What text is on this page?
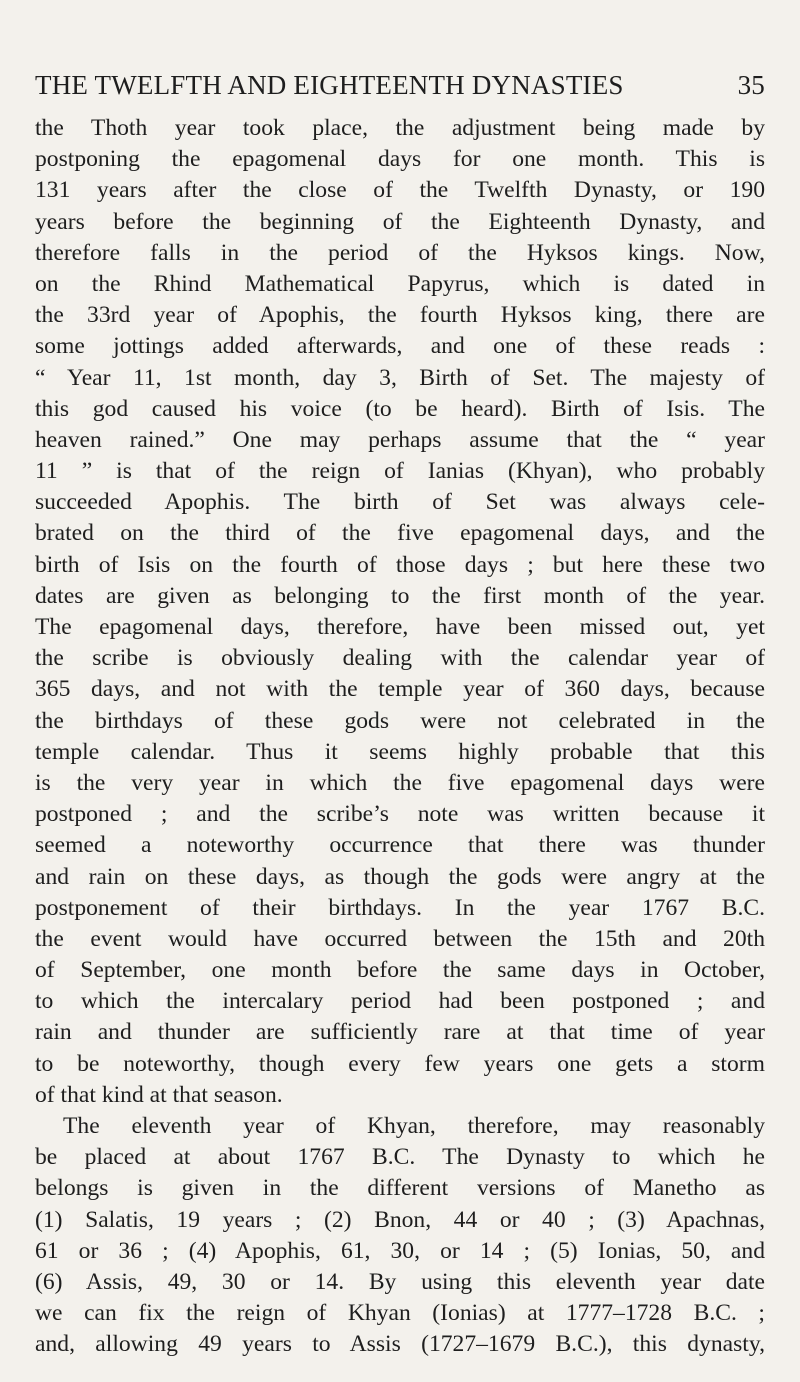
THE TWELFTH AND EIGHTEENTH DYNASTIES	35
the Thoth year took place, the adjustment being made by
postponing the epagomenal days for one month. This is
131 years after the close of the Twelfth Dynasty, or 190
years before the beginning of the Eighteenth Dynasty, and
therefore falls in the period of the Hyksos kings. Now,
on the Rhind Mathematical Papyrus, which is dated in
the 33rd year of Apophis, the fourth Hyksos king, there are
some jottings added afterwards, and one of these reads :
“ Year 11, 1st month, day 3, Birth of Set. The majesty of
this god caused his voice (to be heard). Birth of Isis. The
heaven rained.” One may perhaps assume that the “ year
11 ” is that of the reign of Ianias (Khyan), who probably
succeeded Apophis. The birth of Set was always cele-
brated on the third of the five epagomenal days, and the
birth of Isis on the fourth of those days ; but here these two
dates are given as belonging to the first month of the year.
The epagomenal days, therefore, have been missed out, yet
the scribe is obviously dealing with the calendar year of
365 days, and not with the temple year of 360 days, because
the birthdays of these gods were not celebrated in the
temple calendar. Thus it seems highly probable that this
is the very year in which the five epagomenal days were
postponed ; and the scribe’s note was written because it
seemed a noteworthy occurrence that there was thunder
and rain on these days, as though the gods were angry at the
postponement of their birthdays. In the year 1767 B.C.
the event would have occurred between the 15th and 20th
of September, one month before the same days in October,
to which the intercalary period had been postponed ; and
rain and thunder are sufficiently rare at that time of year
to be noteworthy, though every few years one gets a storm
of that kind at that season.
The eleventh year of Khyan, therefore, may reasonably
be placed at about 1767 B.C. The Dynasty to which he
belongs is given in the different versions of Manetho as
(1) Salatis, 19 years ; (2) Bnon, 44 or 40 ; (3) Apachnas,
61 or 36 ; (4) Apophis, 61, 30, or 14 ; (5) Ionias, 50, and
(6) Assis, 49, 30 or 14. By using this eleventh year date
we can fix the reign of Khyan (Ionias) at 1777–1728 B.C. ;
and, allowing 49 years to Assis (1727–1679 B.C.), this dynasty,
